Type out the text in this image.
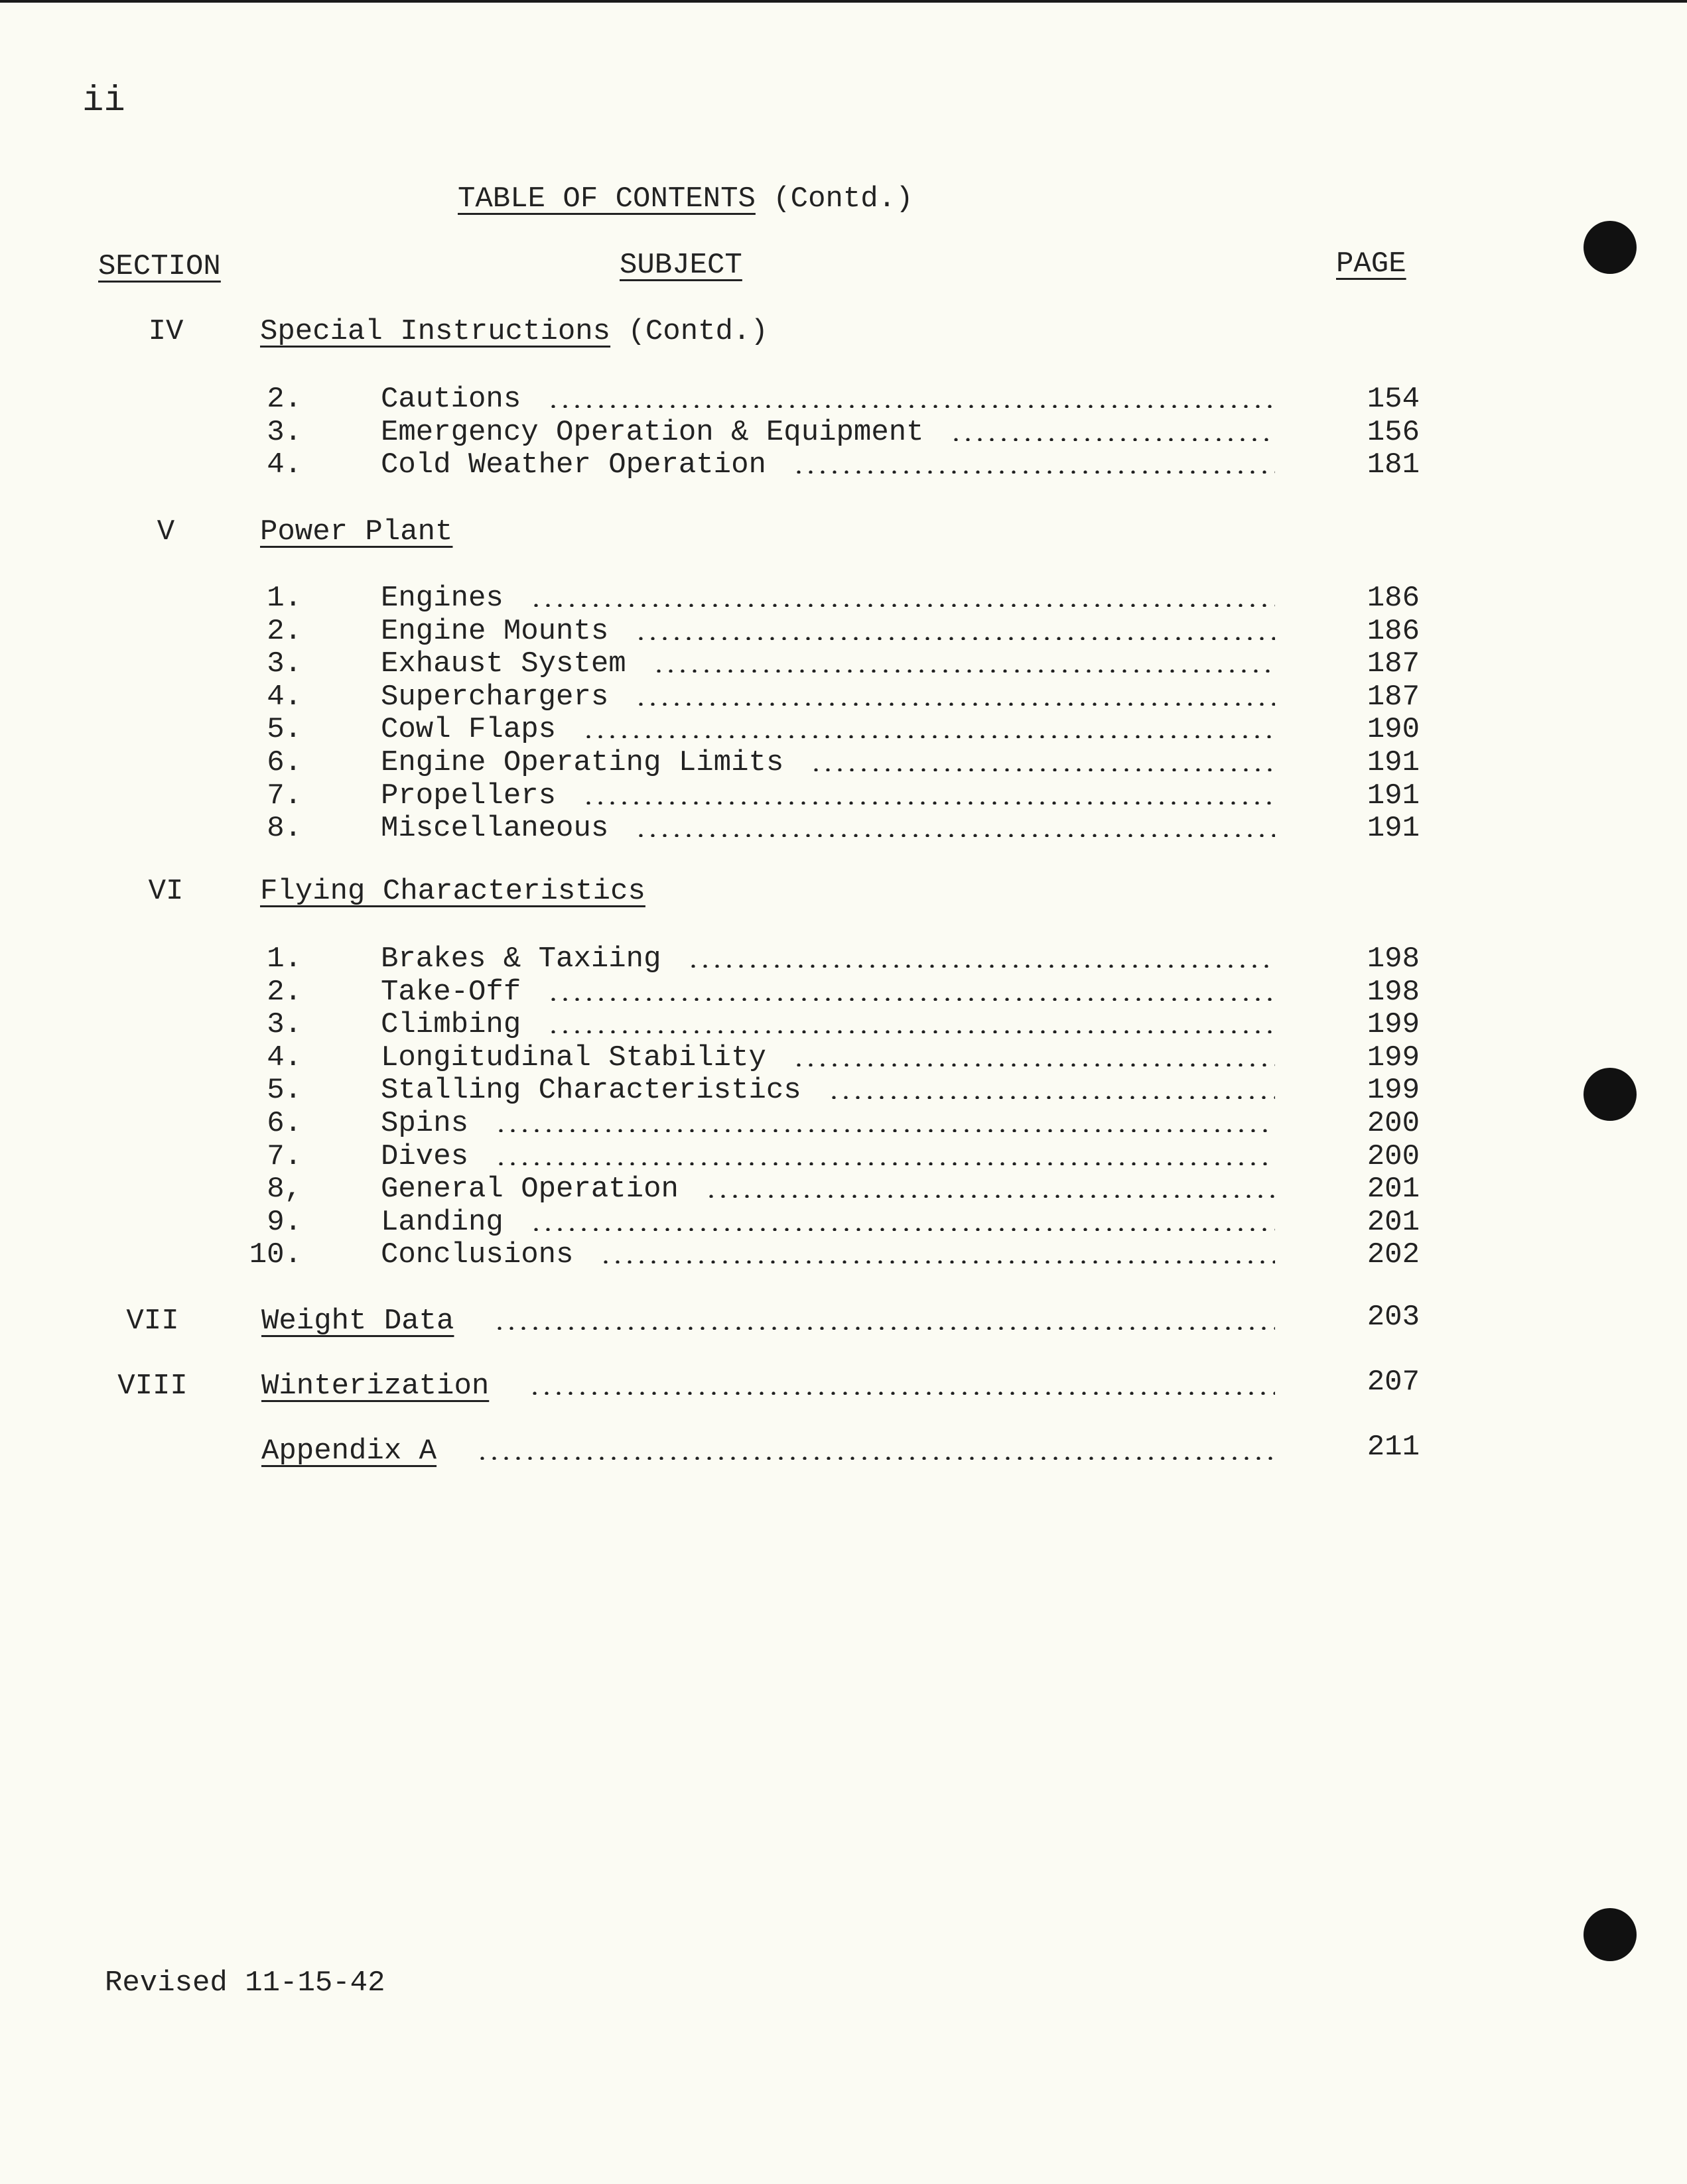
ii
TABLE OF CONTENTS (Contd.)
SECTION	SUBJECT	PAGE
IV	Special Instructions (Contd.)
2.	Cautions	154
3.	Emergency Operation & Equipment	156
4.	Cold Weather Operation	181
V	Power Plant
1.	Engines	186
2.	Engine Mounts	186
3.	Exhaust System	187
4.	Superchargers	187
5.	Cowl Flaps	190
6.	Engine Operating Limits	191
7.	Propellers	191
8.	Miscellaneous	191
VI	Flying Characteristics
1.	Brakes & Taxiing	198
2.	Take-Off	198
3.	Climbing	199
4.	Longitudinal Stability	199
5.	Stalling Characteristics	199
6.	Spins	200
7.	Dives	200
8,	General Operation	201
9.	Landing	201
10.	Conclusions	202
VII	Weight Data	203
VIII	Winterization	207
Appendix A	211
Revised 11-15-42
